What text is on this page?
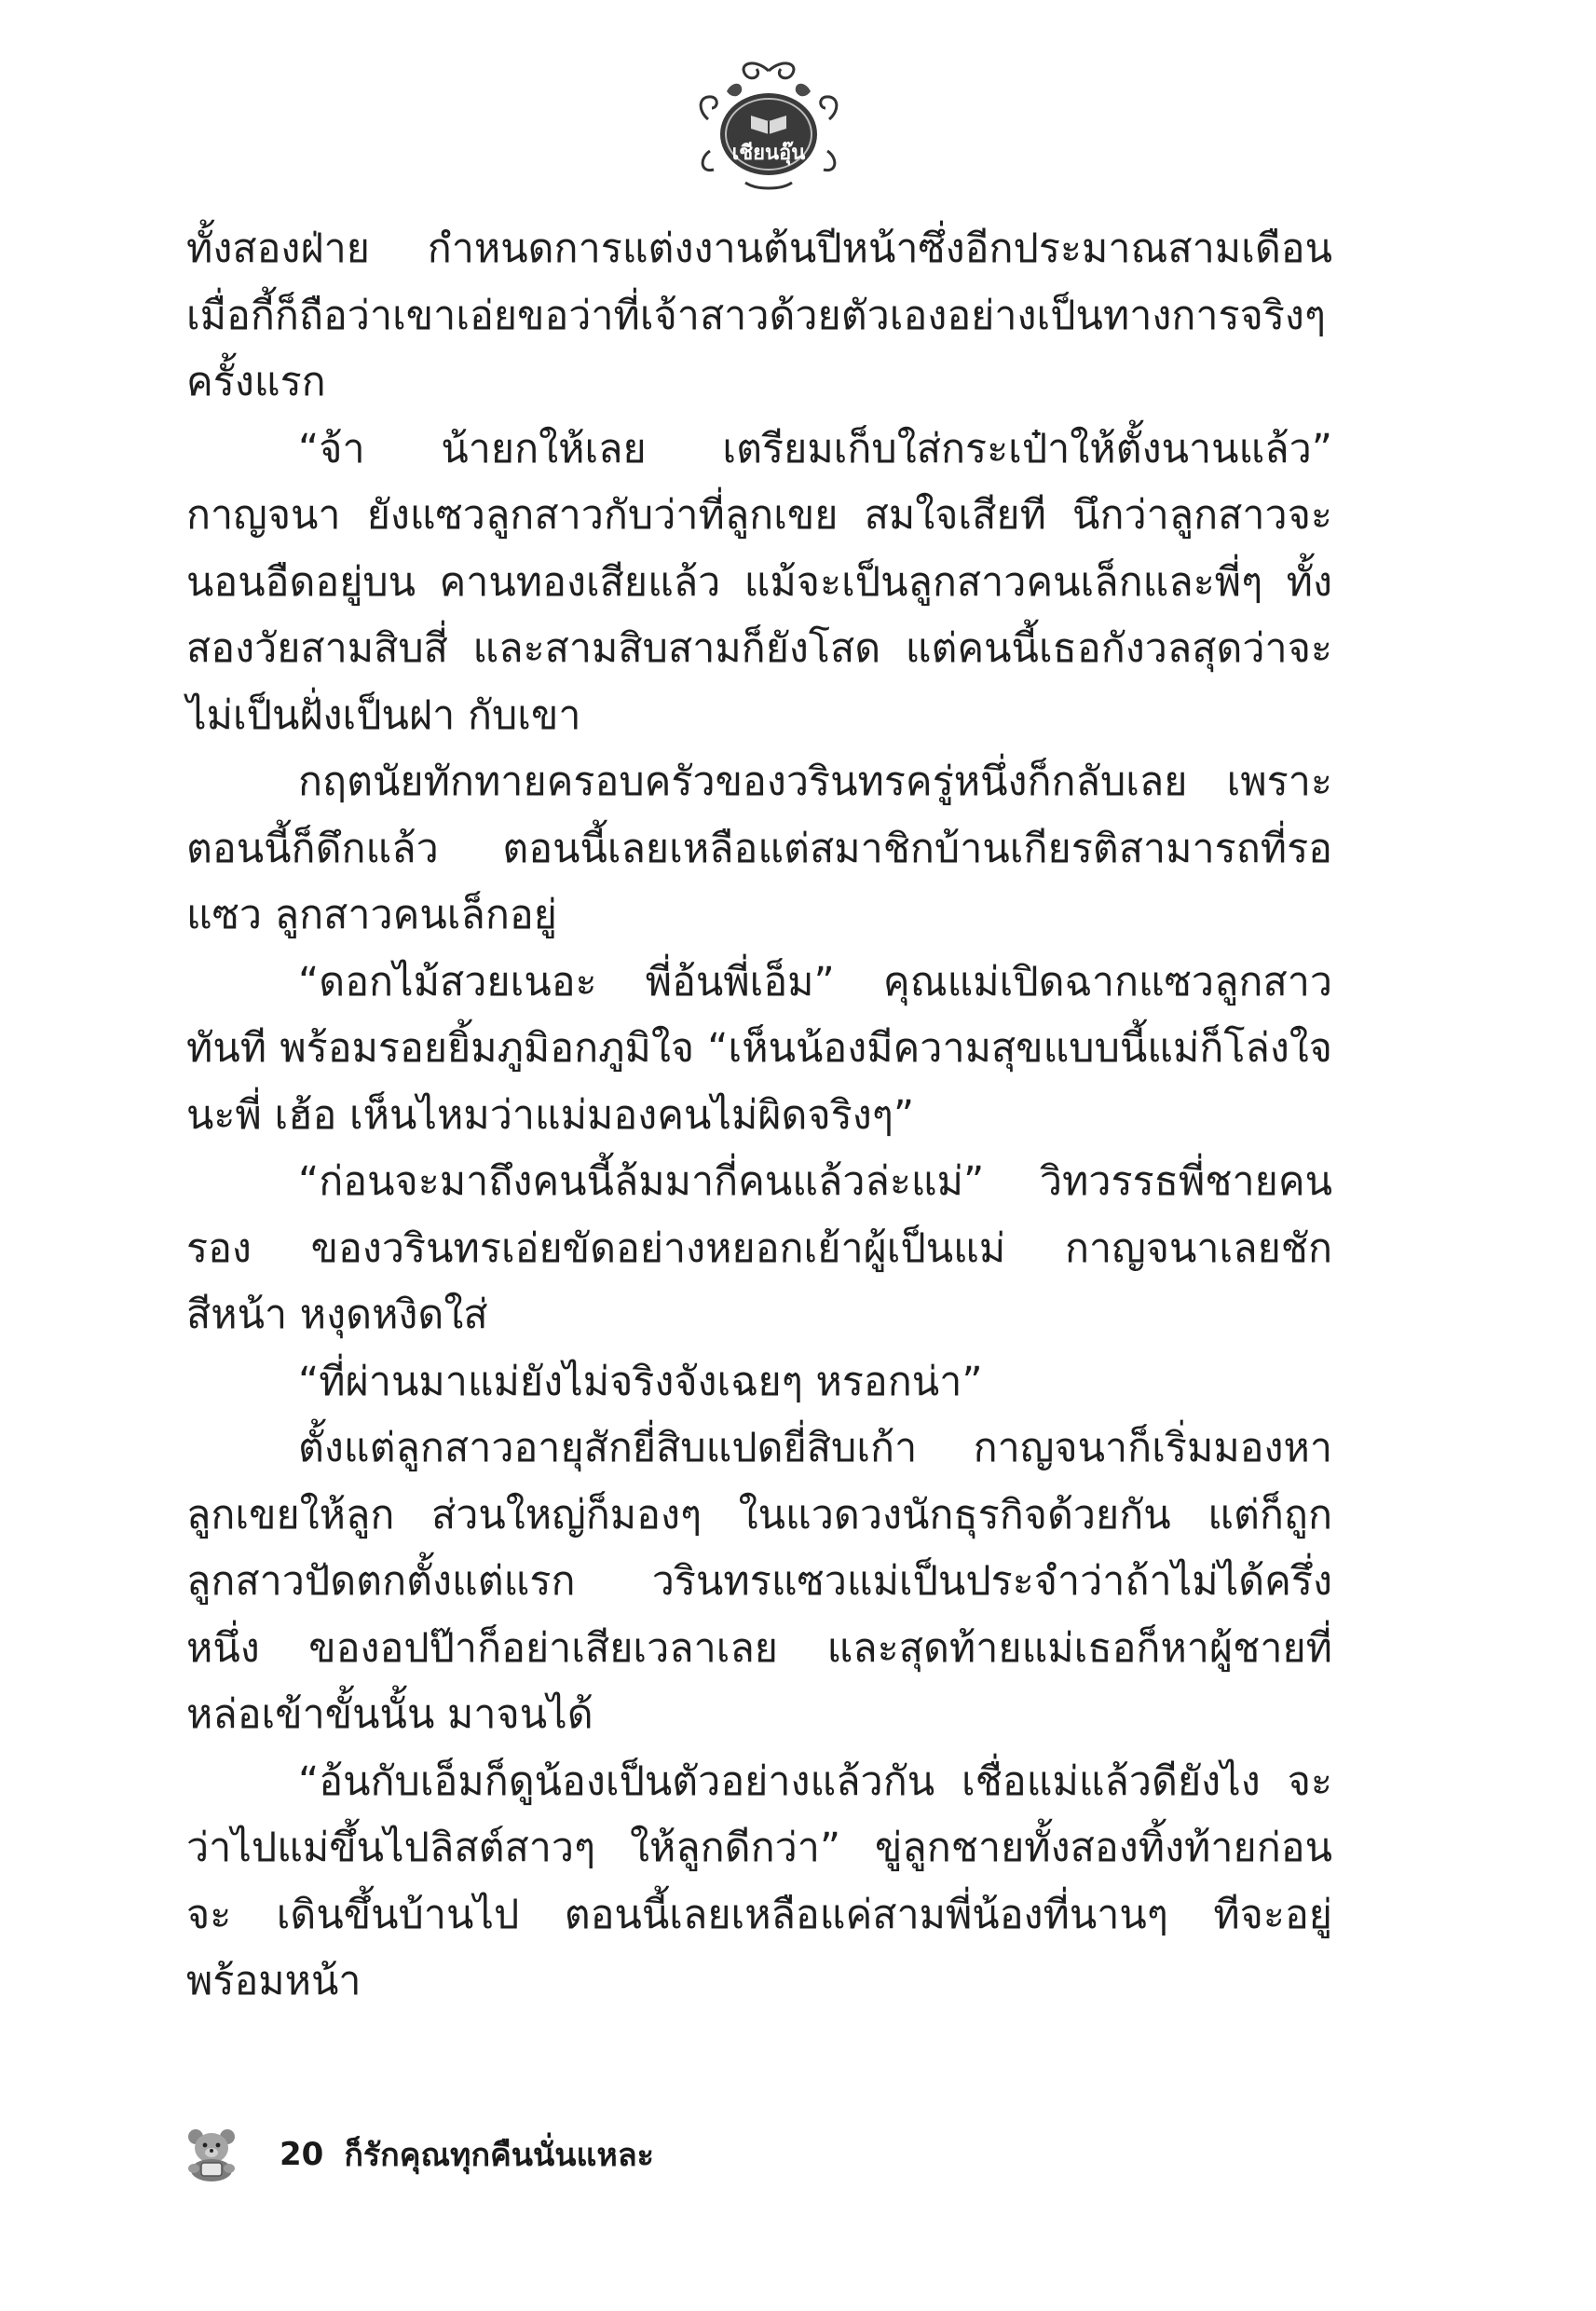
เชียนอุ๊น

ทั้งสองฝ่าย กำหนดการแต่งงานต้นปีหน้าซึ่งอีกประมาณสามเดือน เมื่อกี้ก็ถือว่าเขาเอ่ยขอว่าที่เจ้าสาวด้วยตัวเองอย่างเป็นทางการจริงๆ ครั้งแรก

“จ้า น้ายกให้เลย เตรียมเก็บใส่กระเป๋าให้ตั้งนานแล้ว” กาญจนา ยังแซวลูกสาวกับว่าที่ลูกเขย สมใจเสียที นึกว่าลูกสาวจะนอนอืดอยู่บน คานทองเสียแล้ว แม้จะเป็นลูกสาวคนเล็กและพี่ๆ ทั้งสองวัยสามสิบสี่ และสามสิบสามก็ยังโสด แต่คนนี้เธอกังวลสุดว่าจะไม่เป็นฝั่งเป็นฝา กับเขา

กฤตนัยทักทายครอบครัวของวรินทรครู่หนึ่งก็กลับเลย เพราะ ตอนนี้ก็ดึกแล้ว ตอนนี้เลยเหลือแต่สมาชิกบ้านเกียรติสามารถที่รอแซว ลูกสาวคนเล็กอยู่

“ดอกไม้สวยเนอะ พี่อ้นพี่เอ็ม” คุณแม่เปิดฉากแซวลูกสาวทันที พร้อมรอยยิ้มภูมิอกภูมิใจ “เห็นน้องมีความสุขแบบนี้แม่ก็โล่งใจนะพี่ เฮ้อ เห็นไหมว่าแม่มองคนไม่ผิดจริงๆ”

“ก่อนจะมาถึงคนนี้ล้มมากี่คนแล้วล่ะแม่” วิทวรรธพี่ชายคนรอง ของวรินทรเอ่ยขัดอย่างหยอกเย้าผู้เป็นแม่ กาญจนาเลยชักสีหน้า หงุดหงิดใส่

“ที่ผ่านมาแม่ยังไม่จริงจังเฉยๆ หรอกน่า”

ตั้งแต่ลูกสาวอายุสักยี่สิบแปดยี่สิบเก้า กาญจนาก็เริ่มมองหา ลูกเขยให้ลูก ส่วนใหญ่ก็มองๆ ในแวดวงนักธุรกิจด้วยกัน แต่ก็ถูก ลูกสาวปัดตกตั้งแต่แรก วรินทรแซวแม่เป็นประจำว่าถ้าไม่ได้ครึ่งหนึ่ง ของอปป๊าก็อย่าเสียเวลาเลย และสุดท้ายแม่เธอก็หาผู้ชายที่หล่อเข้าขั้นนั้น มาจนได้

“อ้นกับเอ็มก็ดูน้องเป็นตัวอย่างแล้วกัน เชื่อแม่แล้วดียังไง จะว่าไปแม่ขึ้นไปลิสต์สาวๆ ให้ลูกดีกว่า” ขู่ลูกชายทั้งสองทิ้งท้ายก่อนจะ เดินขึ้นบ้านไป ตอนนี้เลยเหลือแค่สามพี่น้องที่นานๆ ทีจะอยู่พร้อมหน้า

20 ก็รักคุณทุกคืนนั่นแหละ
